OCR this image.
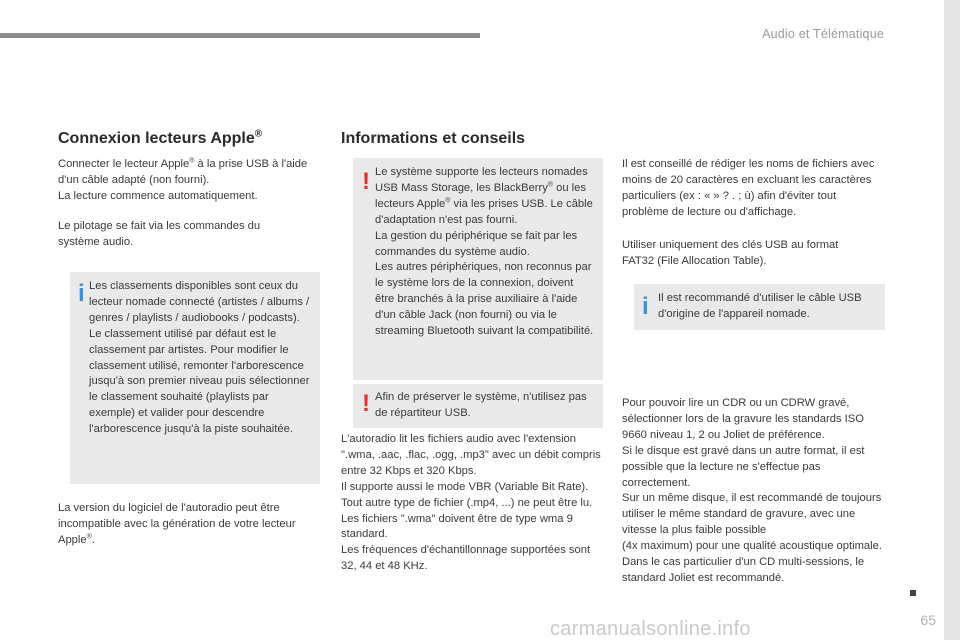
Audio et Télématique
Connexion lecteurs Apple®

Connecter le lecteur Apple® à la prise USB à l'aide d'un câble adapté (non fourni).
La lecture commence automatiquement.

Le pilotage se fait via les commandes du système audio.

i Les classements disponibles sont ceux du lecteur nomade connecté (artistes / albums / genres / playlists / audiobooks / podcasts).
Le classement utilisé par défaut est le classement par artistes. Pour modifier le classement utilisé, remonter l'arborescence jusqu'à son premier niveau puis sélectionner le classement souhaité (playlists par exemple) et valider pour descendre l'arborescence jusqu'à la piste souhaitée.

La version du logiciel de l'autoradio peut être incompatible avec la génération de votre lecteur Apple®.

Informations et conseils
! Le système supporte les lecteurs nomades USB Mass Storage, les BlackBerry® ou les lecteurs Apple® via les prises USB. Le câble d'adaptation n'est pas fourni.
La gestion du périphérique se fait par les commandes du système audio.
Les autres périphériques, non reconnus par le système lors de la connexion, doivent être branchés à la prise auxiliaire à l'aide d'un câble Jack (non fourni) ou via le streaming Bluetooth suivant la compatibilité.

! Afin de préserver le système, n'utilisez pas de répartiteur USB.

L'autoradio lit les fichiers audio avec l'extension ".wma, .aac, .flac, .ogg, .mp3" avec un débit compris entre 32 Kbps et 320 Kbps.
Il supporte aussi le mode VBR (Variable Bit Rate).
Tout autre type de fichier (.mp4, ...) ne peut être lu.
Les fichiers ".wma" doivent être de type wma 9 standard.
Les fréquences d'échantillonnage supportées sont 32, 44 et 48 KHz.

Il est conseillé de rédiger les noms de fichiers avec moins de 20 caractères en excluant les caractères particuliers (ex : « » ? . ; ù) afin d'éviter tout problème de lecture ou d'affichage.

Utiliser uniquement des clés USB au format FAT32 (File Allocation Table).

i Il est recommandé d'utiliser le câble USB d'origine de l'appareil nomade.

Pour pouvoir lire un CDR ou un CDRW gravé, sélectionner lors de la gravure les standards ISO 9660 niveau 1, 2 ou Joliet de préférence.
Si le disque est gravé dans un autre format, il est possible que la lecture ne s'effectue pas correctement.
Sur un même disque, il est recommandé de toujours utiliser le même standard de gravure, avec une vitesse la plus faible possible
(4x maximum) pour une qualité acoustique optimale.
Dans le cas particulier d'un CD multi-sessions, le standard Joliet est recommandé.

65
carmanualsonline.info
